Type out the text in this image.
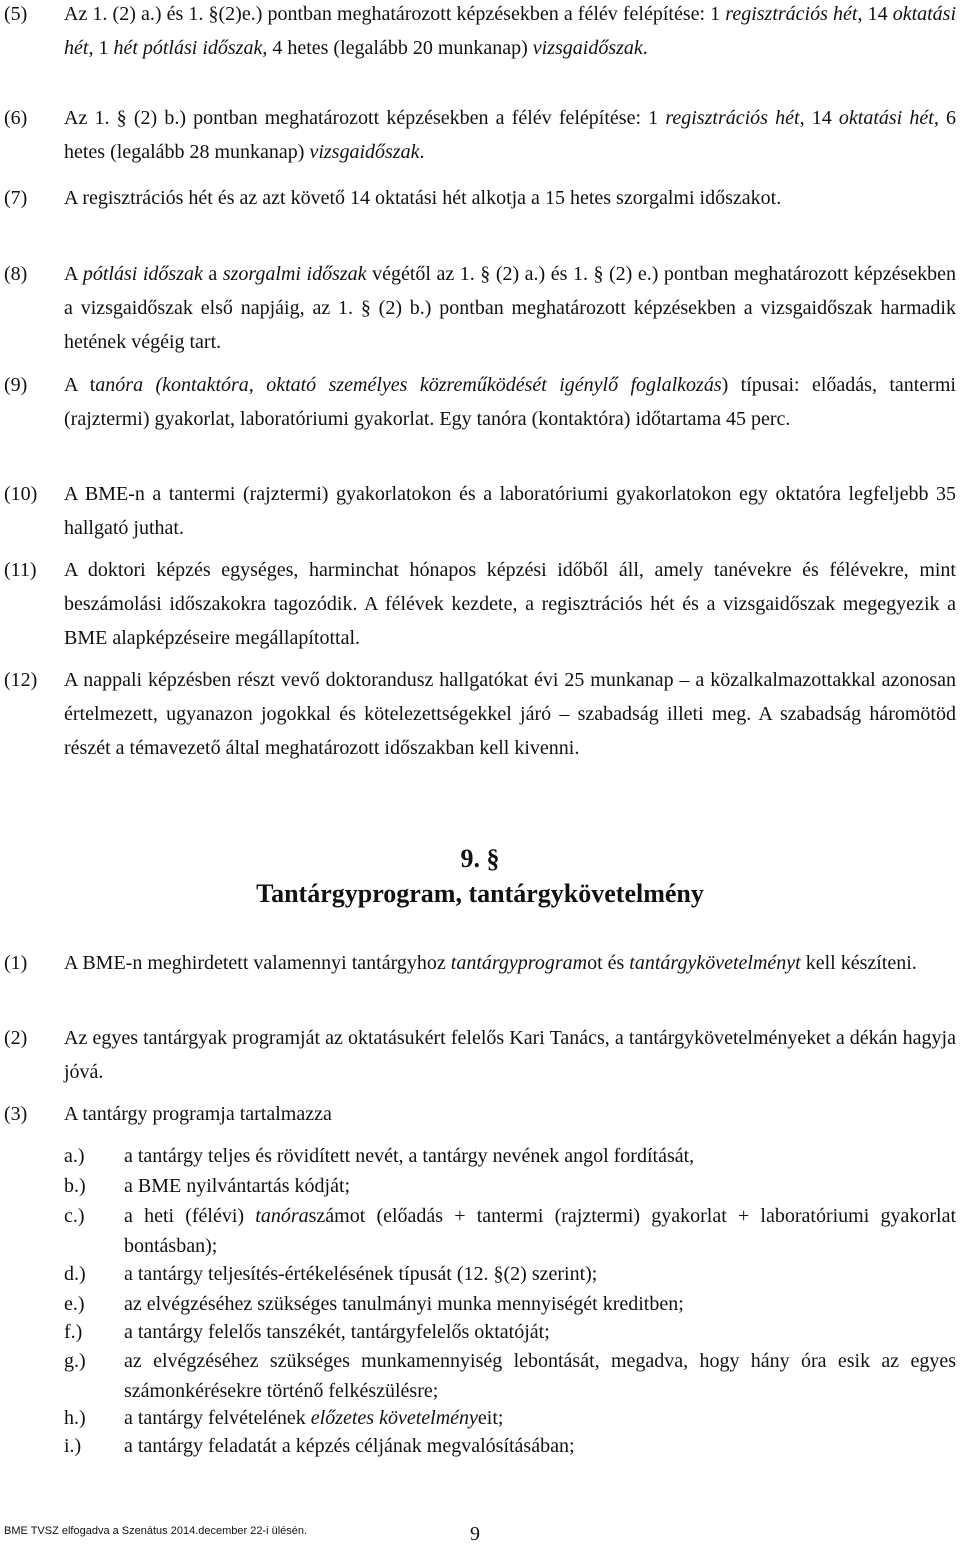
(5)	Az 1. (2) a.) és 1. §(2)e.) pontban meghatározott képzésekben a félév felépítése: 1 regisztrációs hét, 14 oktatási hét, 1 hét pótlási időszak, 4 hetes (legalább 20 munkanap) vizsgaidőszak.
(6)	Az 1. § (2) b.) pontban meghatározott képzésekben a félév felépítése: 1 regisztrációs hét, 14 oktatási hét, 6 hetes (legalább 28 munkanap) vizsgaidőszak.
(7)	A regisztrációs hét és az azt követő 14 oktatási hét alkotja a 15 hetes szorgalmi időszakot.
(8)	A pótlási időszak a szorgalmi időszak végétől az 1. § (2) a.) és 1. § (2) e.) pontban meghatározott képzésekben a vizsgaidőszak első napjáig, az 1. § (2) b.) pontban meghatározott képzésekben a vizsgaidőszak harmadik hetének végéig tart.
(9)	A tanóra (kontaktóra, oktató személyes közreműködését igénylő foglalkozás) típusai: előadás, tantermi (rajztermi) gyakorlat, laboratóriumi gyakorlat. Egy tanóra (kontaktóra) időtartama 45 perc.
(10)	A BME-n a tantermi (rajztermi) gyakorlatokon és a laboratóriumi gyakorlatokon egy oktatóra legfeljebb 35 hallgató juthat.
(11)	A doktori képzés egységes, harminchat hónapos képzési időből áll, amely tanévekre és félévekre, mint beszámolási időszakokra tagozódik. A félévek kezdete, a regisztrációs hét és a vizsgaidőszak megegyezik a BME alapképzéseire megállapítottal.
(12)	A nappali képzésben részt vevő doktorandusz hallgatókat évi 25 munkanap – a közalkalmazottakkal azonosan értelmezett, ugyanazon jogokkal és kötelezettségekkel járó – szabadság illeti meg. A szabadság háromötöd részét a témavezető által meghatározott időszakban kell kivenni.
9. §
Tantárgyprogram, tantárgykövetelmény
(1)	A BME-n meghirdetett valamennyi tantárgyhoz tantárgyprogramot és tantárgykövetelményt kell készíteni.
(2)	Az egyes tantárgyak programját az oktatásukért felelős Kari Tanács, a tantárgykövetelményeket a dékán hagyja jóvá.
(3)	A tantárgy programja tartalmazza
a.)	a tantárgy teljes és rövidített nevét, a tantárgy nevének angol fordítását,
b.)	a BME nyilvántartás kódját;
c.)	a heti (félévi) tanóraszámot (előadás + tantermi (rajztermi) gyakorlat + laboratóriumi gyakorlat bontásban);
d.)	a tantárgy teljesítés-értékelésének típusát (12. §(2) szerint);
e.)	az elvégzéséhez szükséges tanulmányi munka mennyiségét kreditben;
f.)	a tantárgy felelős tanszékét, tantárgyfelelős oktatóját;
g.)	az elvégzéséhez szükséges munkamennyiség lebontását, megadva, hogy hány óra esik az egyes számonkérésekre történő felkészülésre;
h.)	a tantárgy felvételének előzetes követelményeit;
i.)	a tantárgy feladatát a képzés céljának megvalósításában;
BME TVSZ elfogadva a Szenátus 2014.december 22-i ülésén.	9
